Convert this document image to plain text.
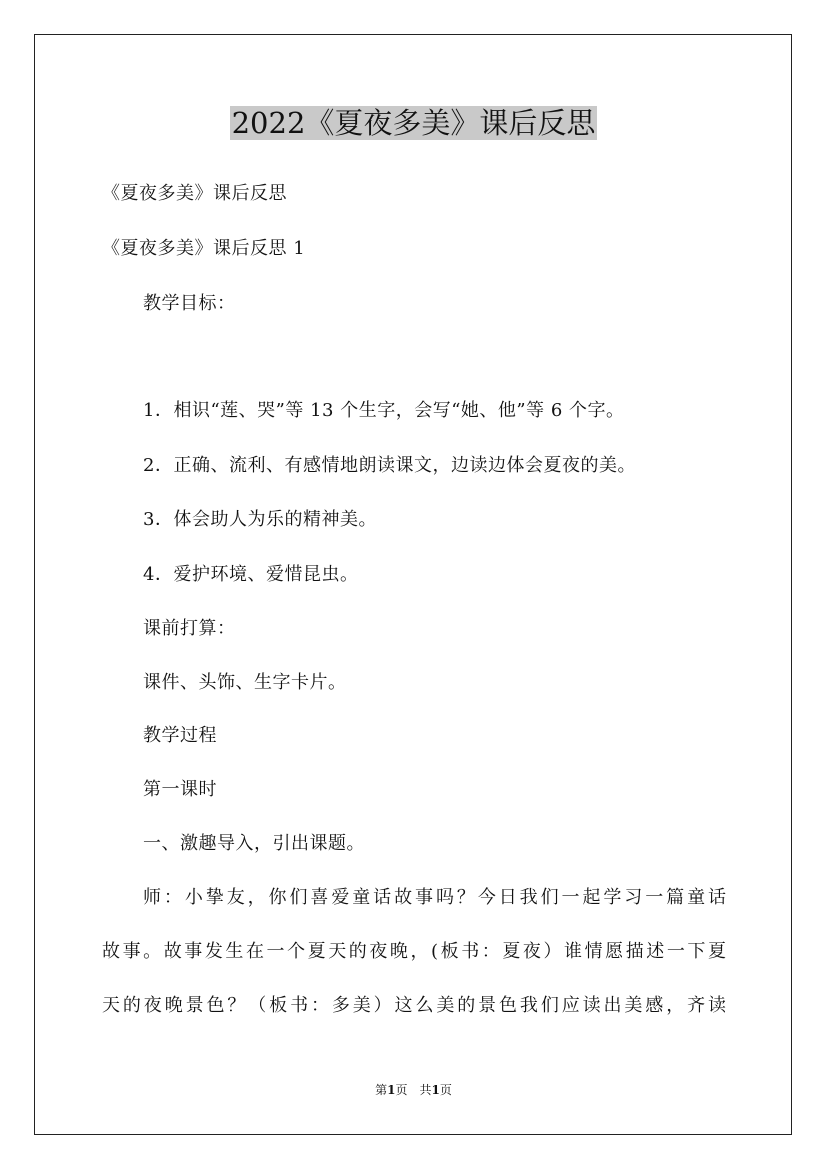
2022《夏夜多美》课后反思

《夏夜多美》课后反思

《夏夜多美》课后反思 1

教学目标：

1．相识“莲、哭”等 13 个生字，会写“她、他”等 6 个字。

2．正确、流利、有感情地朗读课文，边读边体会夏夜的美。

3．体会助人为乐的精神美。

4．爱护环境、爱惜昆虫。

课前打算：

课件、头饰、生字卡片。

教学过程

第一课时

一、激趣导入，引出课题。

师：小挚友，你们喜爱童话故事吗？今日我们一起学习一篇童话

故事。故事发生在一个夏天的夜晚，(板书：夏夜）谁情愿描述一下夏

天的夜晚景色？（板书：多美）这么美的景色我们应读出美感，齐读

第1页　共1页
